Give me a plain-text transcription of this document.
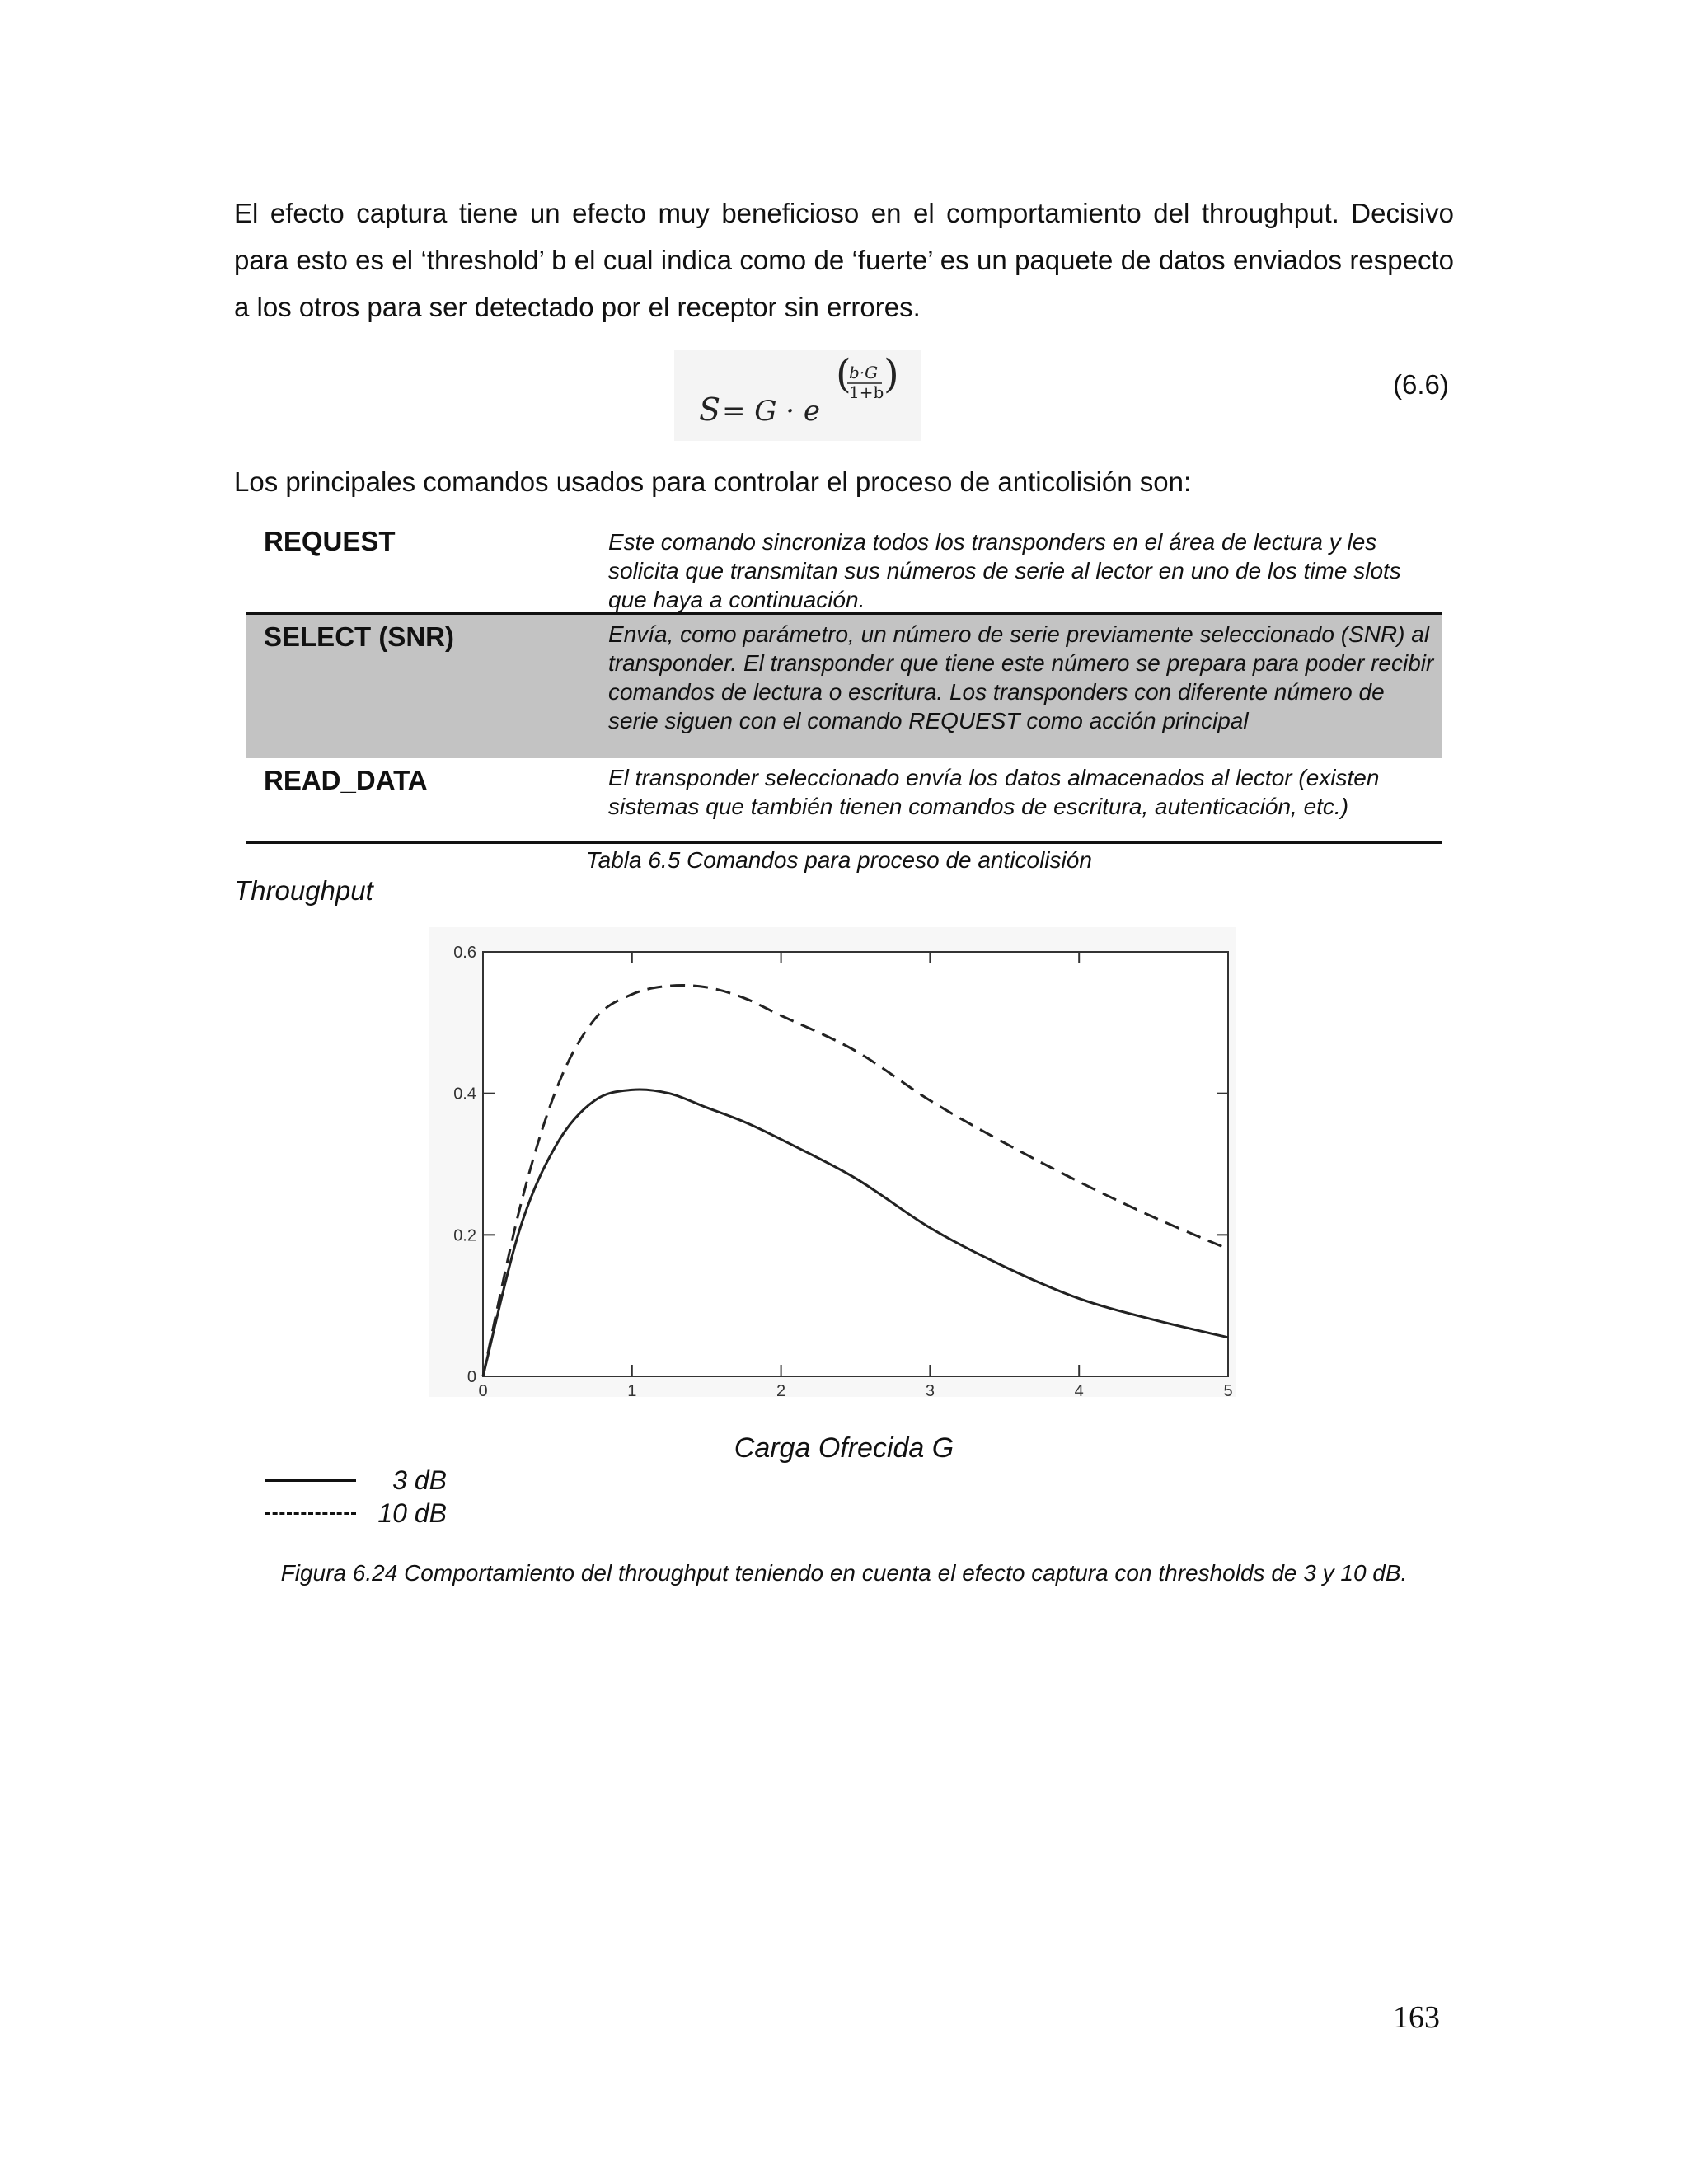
El efecto captura tiene un efecto muy beneficioso en el comportamiento del throughput. Decisivo para esto es el ‘threshold’ b el cual indica como de ‘fuerte’ es un paquete de datos enviados respecto a los otros para ser detectado por el receptor sin errores.
S = G · e
(
b·G
1+b )	(6.6)
Los principales comandos usados para controlar el proceso de anticolisión son:
REQUEST	Este comando sincroniza todos los transponders en el área de lectura y les solicita que transmitan sus números de serie al lector en uno de los time slots que haya a continuación.
SELECT (SNR)	Envía, como parámetro, un número de serie previamente seleccionado (SNR) al transponder. El transponder que tiene este número se prepara para poder recibir comandos de lectura o escritura. Los transponders con diferente número de serie siguen con el comando REQUEST como acción principal
READ_DATA	El transponder seleccionado envía los datos almacenados al lector (existen sistemas que también tienen comandos de escritura, autenticación, etc.)
Tabla 6.5 Comandos para proceso de anticolisión
Throughput
0	1	2	3	4	5
0
0.2
0.4
0.6
Carga Ofrecida G
3 dB
10 dB
Figura 6.24 Comportamiento del throughput teniendo en cuenta el efecto captura con thresholds de 3 y 10 dB.
163
